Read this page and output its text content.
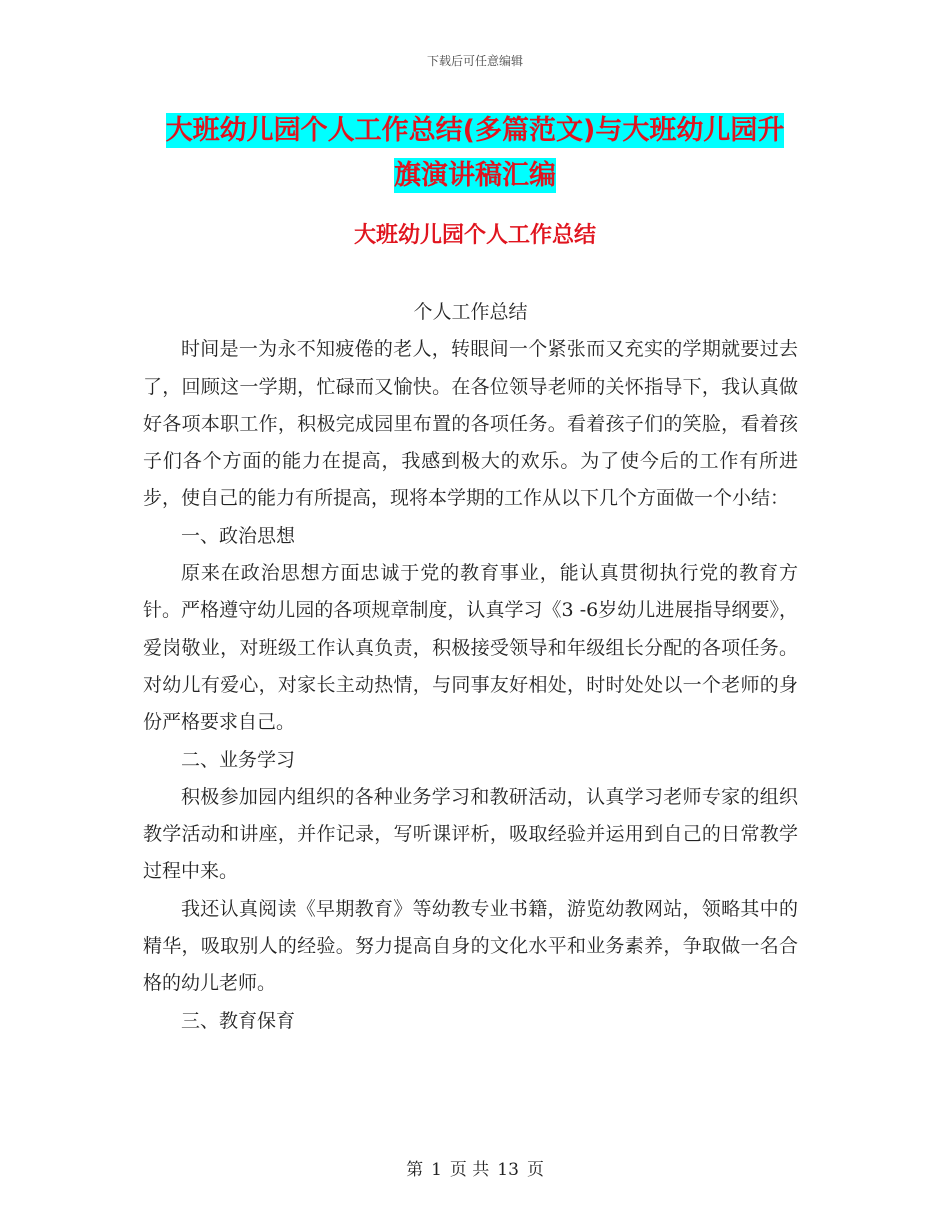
下载后可任意编辑
大班幼儿园个人工作总结(多篇范文)与大班幼儿园升
旗演讲稿汇编
大班幼儿园个人工作总结

个人工作总结

时间是一为永不知疲倦的老人，转眼间一个紧张而又充实的学期就要过去了，回顾这一学期，忙碌而又愉快。在各位领导老师的关怀指导下，我认真做好各项本职工作，积极完成园里布置的各项任务。看着孩子们的笑脸，看着孩子们各个方面的能力在提高，我感到极大的欢乐。为了使今后的工作有所进步，使自己的能力有所提高，现将本学期的工作从以下几个方面做一个小结：

一、政治思想

原来在政治思想方面忠诚于党的教育事业，能认真贯彻执行党的教育方针。严格遵守幼儿园的各项规章制度，认真学习《3 -6岁幼儿进展指导纲要》，爱岗敬业，对班级工作认真负责，积极接受领导和年级组长分配的各项任务。对幼儿有爱心，对家长主动热情，与同事友好相处，时时处处以一个老师的身份严格要求自己。

二、业务学习

积极参加园内组织的各种业务学习和教研活动，认真学习老师专家的组织教学活动和讲座，并作记录，写听课评析，吸取经验并运用到自己的日常教学过程中来。

我还认真阅读《早期教育》等幼教专业书籍，游览幼教网站，领略其中的精华，吸取别人的经验。努力提高自身的文化水平和业务素养，争取做一名合格的幼儿老师。

三、教育保育

第 1 页 共 13 页
